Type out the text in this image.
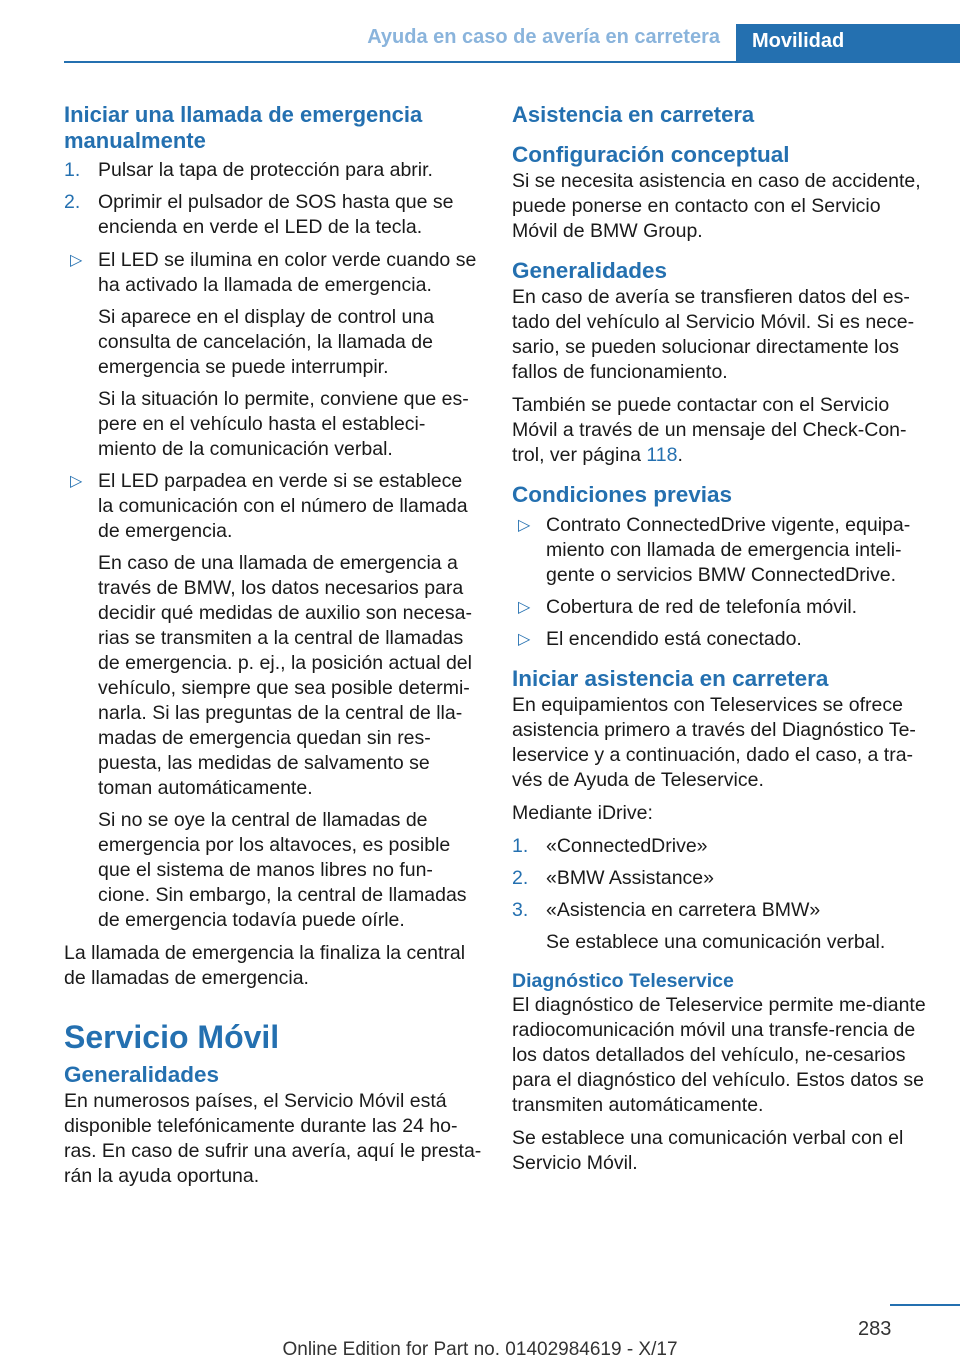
Ayuda en caso de avería en carretera	Movilidad
Iniciar una llamada de emergencia manualmente
1. Pulsar la tapa de protección para abrir.
2. Oprimir el pulsador de SOS hasta que se encienda en verde el LED de la tecla.
▷ El LED se ilumina en color verde cuando se ha activado la llamada de emergencia.

Si aparece en el display de control una consulta de cancelación, la llamada de emergencia se puede interrumpir.

Si la situación lo permite, conviene que es-pere en el vehículo hasta el estableci-miento de la comunicación verbal.

▷ El LED parpadea en verde si se establece la comunicación con el número de llamada de emergencia.

En caso de una llamada de emergencia a través de BMW, los datos necesarios para decidir qué medidas de auxilio son necesa-rias se transmiten a la central de llamadas de emergencia. p. ej., la posición actual del vehículo, siempre que sea posible determi-narla. Si las preguntas de la central de lla-madas de emergencia quedan sin res-puesta, las medidas de salvamento se toman automáticamente.

Si no se oye la central de llamadas de emergencia por los altavoces, es posible que el sistema de manos libres no fun-cione. Sin embargo, la central de llamadas de emergencia todavía puede oírle.

La llamada de emergencia la finaliza la central de llamadas de emergencia.

Servicio Móvil
Generalidades

En numerosos países, el Servicio Móvil está disponible telefónicamente durante las 24 ho-ras. En caso de sufrir una avería, aquí le presta-rán la ayuda oportuna.

Asistencia en carretera
Configuración conceptual

Si se necesita asistencia en caso de accidente, puede ponerse en contacto con el Servicio Móvil de BMW Group.

Generalidades

En caso de avería se transfieren datos del es-tado del vehículo al Servicio Móvil. Si es nece-sario, se pueden solucionar directamente los fallos de funcionamiento.

También se puede contactar con el Servicio Móvil a través de un mensaje del Check-Con-trol, ver página 118.

Condiciones previas
▷ Contrato ConnectedDrive vigente, equipa-miento con llamada de emergencia inteli-gente o servicios BMW ConnectedDrive.
▷ Cobertura de red de telefonía móvil.
▷ El encendido está conectado.
Iniciar asistencia en carretera

En equipamientos con Teleservices se ofrece asistencia primero a través del Diagnóstico Te-leservice y a continuación, dado el caso, a tra-vés de Ayuda de Teleservice.

Mediante iDrive:

1. «ConnectedDrive»
2. «BMW Assistance»
3. «Asistencia en carretera BMW»

Se establece una comunicación verbal.

Diagnóstico Teleservice

El diagnóstico de Teleservice permite me-diante radiocomunicación móvil una transfe-rencia de los datos detallados del vehículo, ne-cesarios para el diagnóstico del vehículo. Estos datos se transmiten automáticamente.

Se establece una comunicación verbal con el Servicio Móvil.

283
Online Edition for Part no. 01402984619 - X/17
